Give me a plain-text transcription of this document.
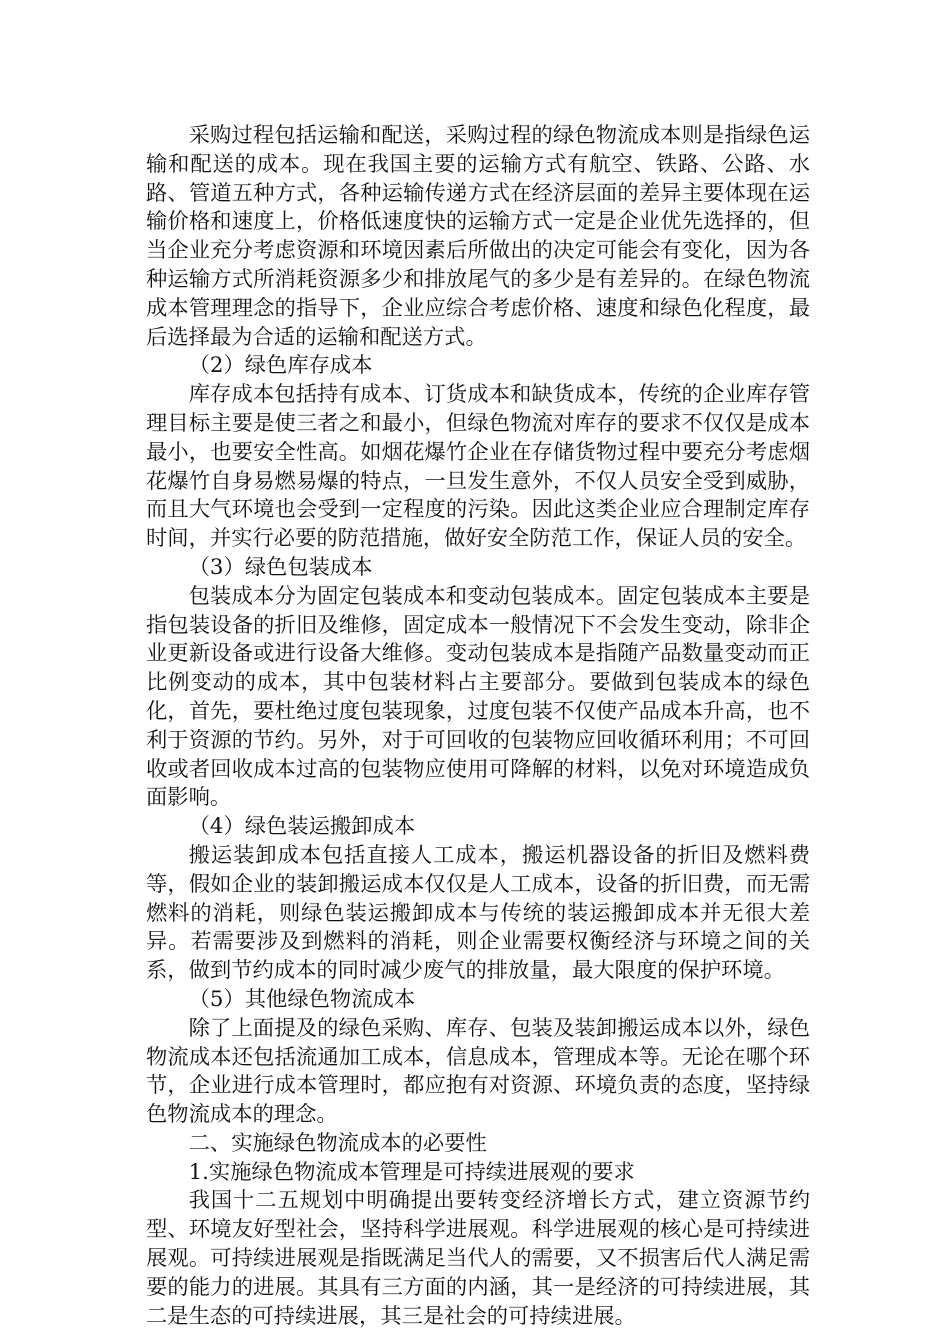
采购过程包括运输和配送，采购过程的绿色物流成本则是指绿色运输和配送的成本。现在我国主要的运输方式有航空、铁路、公路、水路、管道五种方式，各种运输传递方式在经济层面的差异主要体现在运输价格和速度上，价格低速度快的运输方式一定是企业优先选择的，但当企业充分考虑资源和环境因素后所做出的决定可能会有变化，因为各种运输方式所消耗资源多少和排放尾气的多少是有差异的。在绿色物流成本管理理念的指导下，企业应综合考虑价格、速度和绿色化程度，最后选择最为合适的运输和配送方式。

（2）绿色库存成本

库存成本包括持有成本、订货成本和缺货成本，传统的企业库存管理目标主要是使三者之和最小，但绿色物流对库存的要求不仅仅是成本最小，也要安全性高。如烟花爆竹企业在存储货物过程中要充分考虑烟花爆竹自身易燃易爆的特点，一旦发生意外，不仅人员安全受到威胁，而且大气环境也会受到一定程度的污染。因此这类企业应合理制定库存时间，并实行必要的防范措施，做好安全防范工作，保证人员的安全。

（3）绿色包装成本

包装成本分为固定包装成本和变动包装成本。固定包装成本主要是指包装设备的折旧及维修，固定成本一般情况下不会发生变动，除非企业更新设备或进行设备大维修。变动包装成本是指随产品数量变动而正比例变动的成本，其中包装材料占主要部分。要做到包装成本的绿色化，首先，要杜绝过度包装现象，过度包装不仅使产品成本升高，也不利于资源的节约。另外，对于可回收的包装物应回收循环利用；不可回收或者回收成本过高的包装物应使用可降解的材料，以免对环境造成负面影响。

（4）绿色装运搬卸成本

搬运装卸成本包括直接人工成本，搬运机器设备的折旧及燃料费等，假如企业的装卸搬运成本仅仅是人工成本，设备的折旧费，而无需燃料的消耗，则绿色装运搬卸成本与传统的装运搬卸成本并无很大差异。若需要涉及到燃料的消耗，则企业需要权衡经济与环境之间的关系，做到节约成本的同时减少废气的排放量，最大限度的保护环境。

（5）其他绿色物流成本

除了上面提及的绿色采购、库存、包装及装卸搬运成本以外，绿色物流成本还包括流通加工成本，信息成本，管理成本等。无论在哪个环节，企业进行成本管理时，都应抱有对资源、环境负责的态度，坚持绿色物流成本的理念。

二、实施绿色物流成本的必要性

1.实施绿色物流成本管理是可持续进展观的要求

我国十二五规划中明确提出要转变经济增长方式，建立资源节约型、环境友好型社会，坚持科学进展观。科学进展观的核心是可持续进展观。可持续进展观是指既满足当代人的需要，又不损害后代人满足需要的能力的进展。其具有三方面的内涵，其一是经济的可持续进展，其二是生态的可持续进展，其三是社会的可持续进展。
